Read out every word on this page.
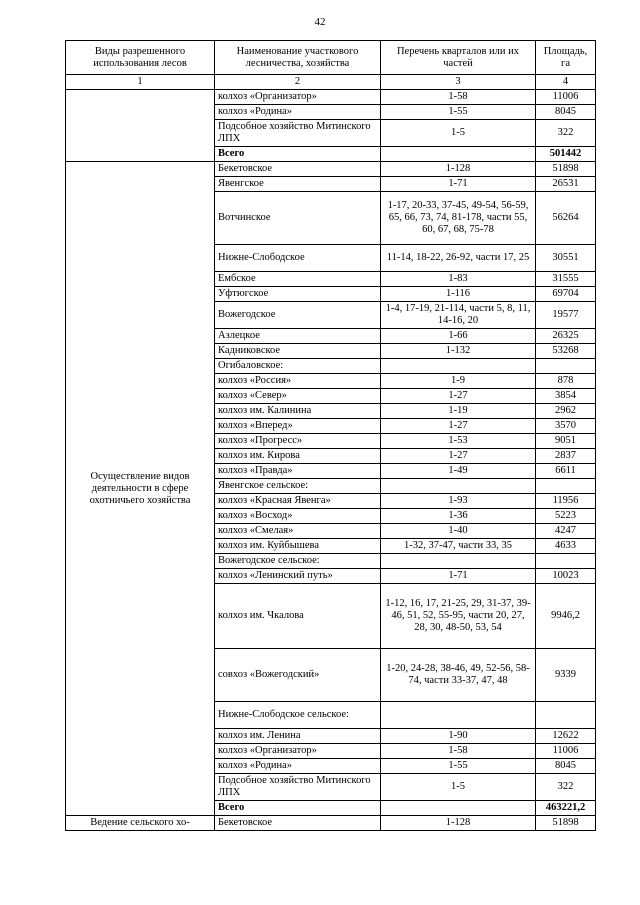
42
Виды разрешенного использования лесов	Наименование участкового лесничества, хозяйства	Перечень кварталов или их частей	Площадь, га
1	2	3	4
	колхоз «Организатор»	1-58	11006
	колхоз «Родина»	1-55	8045
	Подсобное хозяйство Митинского ЛПХ	1-5	322
	Всего		501442
Осуществление видов деятельности в сфере охотничьего хозяйства	Бекетовское	1-128	51898
	Явенгское	1-71	26531
	Вотчинское	1-17, 20-33, 37-45, 49-54, 56-59, 65, 66, 73, 74, 81-178, части 55, 60, 67, 68, 75-78	56264
	Нижне-Слободское	11-14, 18-22, 26-92, части 17, 25	30551
	Ембское	1-83	31555
	Уфтюгское	1-116	69704
	Вожегодское	1-4, 17-19, 21-114, части 5, 8, 11, 14-16, 20	19577
	Азлецкое	1-66	26325
	Кадниковское	1-132	53268
	Огибаловское:		
	колхоз «Россия»	1-9	878
	колхоз «Север»	1-27	3854
	колхоз им. Калинина	1-19	2962
	колхоз «Вперед»	1-27	3570
	колхоз «Прогресс»	1-53	9051
	колхоз им. Кирова	1-27	2837
	колхоз «Правда»	1-49	6611
	Явенгское сельское:		
	колхоз «Красная Явенга»	1-93	11956
	колхоз «Восход»	1-36	5223
	колхоз «Смелая»	1-40	4247
	колхоз им. Куйбышева	1-32, 37-47, части 33, 35	4633
	Вожегодское сельское:		
	колхоз «Ленинский путь»	1-71	10023
	колхоз им. Чкалова	1-12, 16, 17, 21-25, 29, 31-37, 39-46, 51, 52, 55-95, части 20, 27, 28, 30, 48-50, 53, 54	9946,2
	совхоз «Вожегодский»	1-20, 24-28, 38-46, 49, 52-56, 58-74, части 33-37, 47, 48	9339
	Нижне-Слободское сельское:		
	колхоз им. Ленина	1-90	12622
	колхоз «Организатор»	1-58	11006
	колхоз «Родина»	1-55	8045
	Подсобное хозяйство Митинского ЛПХ	1-5	322
	Всего		463221,2
Ведение сельского хо-	Бекетовское	1-128	51898
